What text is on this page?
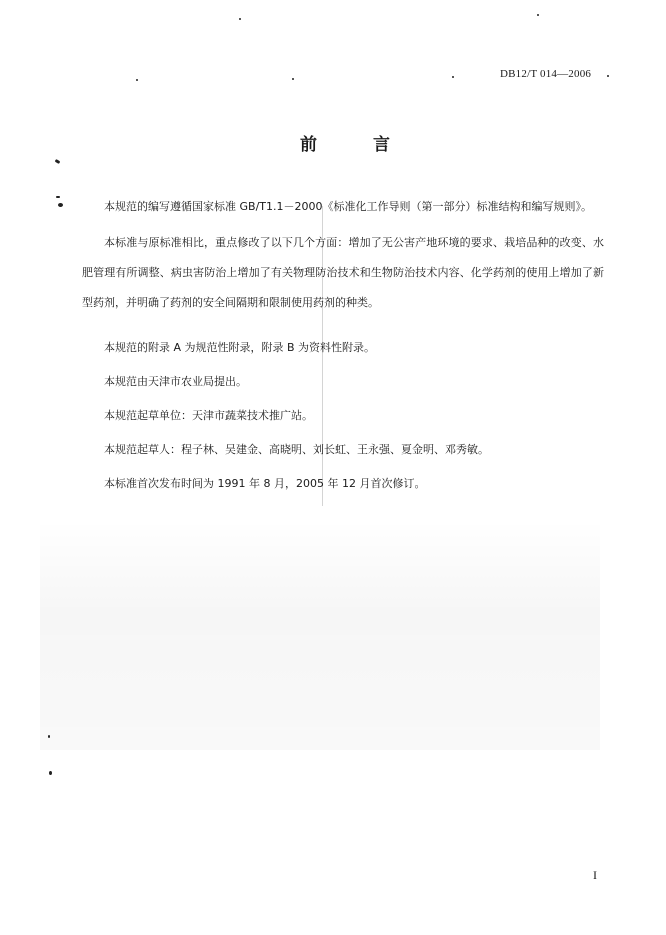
DB12/T 014—2006
前	言

本规范的编写遵循国家标准 GB/T1.1－2000《标准化工作导则（第一部分）标准结构和编写规则》。

本标准与原标准相比，重点修改了以下几个方面：增加了无公害产地环境的要求、栽培品种的改变、水肥管理有所调整、病虫害防治上增加了有关物理防治技术和生物防治技术内容、化学药剂的使用上增加了新型药剂，并明确了药剂的安全间隔期和限制使用药剂的种类。

本规范的附录 A 为规范性附录，附录 B 为资料性附录。

本规范由天津市农业局提出。

本规范起草单位：天津市蔬菜技术推广站。

本规范起草人：程子林、吴建金、高晓明、刘长虹、王永强、夏金明、邓秀敏。

本标准首次发布时间为 1991 年 8 月，2005 年 12 月首次修订。

I
